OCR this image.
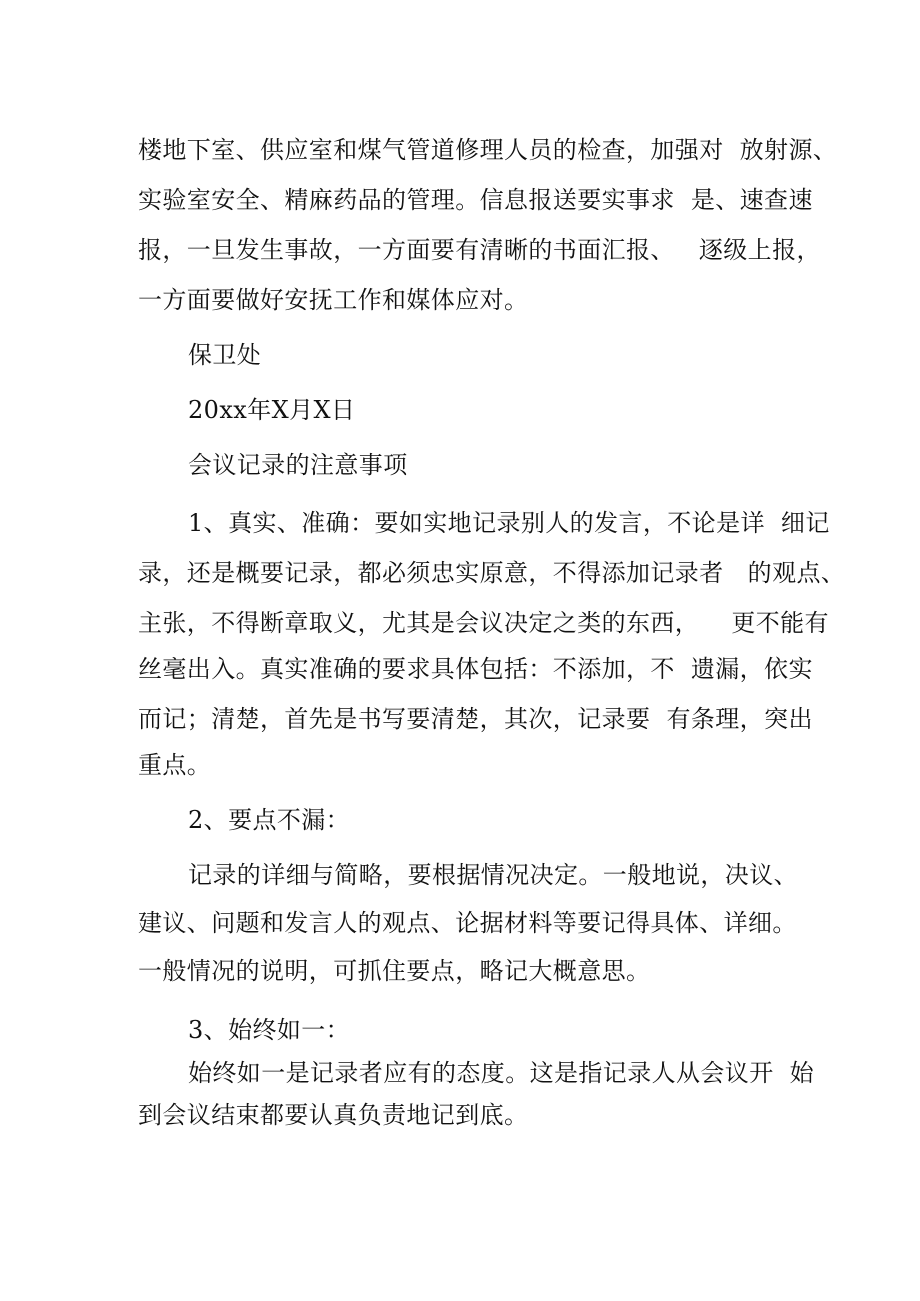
楼地下室、供应室和煤气管道修理人员的检查，加强对  放射源、
实验室安全、精麻药品的管理。信息报送要实事求  是、速查速
报，一旦发生事故，一方面要有清晰的书面汇报、   逐级上报，
一方面要做好安抚工作和媒体应对。
保卫处
20xx年X月X日
会议记录的注意事项
1、真实、准确：要如实地记录别人的发言，不论是详  细记
录，还是概要记录，都必须忠实原意，不得添加记录者   的观点、
主张，不得断章取义，尤其是会议决定之类的东西，    更不能有
丝毫出入。真实准确的要求具体包括：不添加，不  遗漏，依实
而记；清楚，首先是书写要清楚，其次，记录要  有条理，突出
重点。
2、要点不漏：
记录的详细与简略，要根据情况决定。一般地说，决议、
建议、问题和发言人的观点、论据材料等要记得具体、详细。
一般情况的说明，可抓住要点，略记大概意思。
3、始终如一：
始终如一是记录者应有的态度。这是指记录人从会议开  始
到会议结束都要认真负责地记到底。
